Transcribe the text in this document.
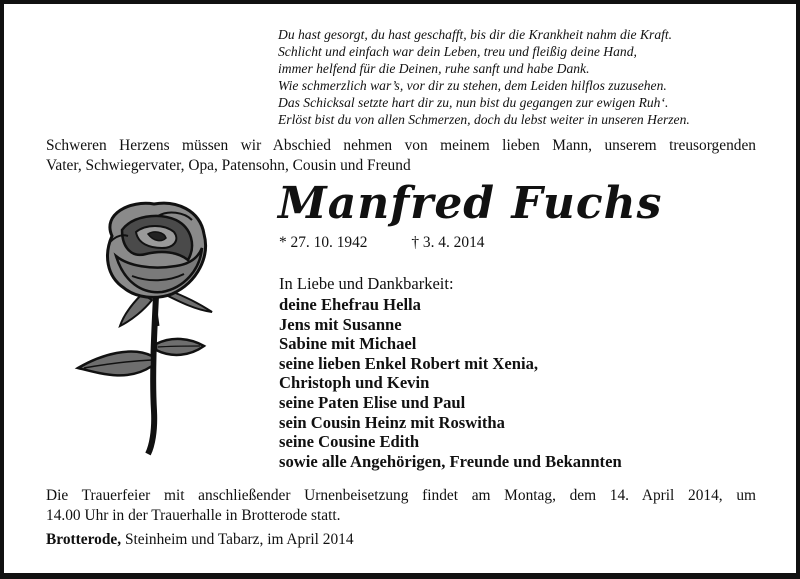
Du hast gesorgt, du hast geschafft, bis dir die Krankheit nahm die Kraft.
Schlicht und einfach war dein Leben, treu und fleißig deine Hand,
immer helfend für die Deinen, ruhe sanft und habe Dank.
Wie schmerzlich war’s, vor dir zu stehen, dem Leiden hilflos zuzusehen.
Das Schicksal setzte hart dir zu, nun bist du gegangen zur ewigen Ruh‘.
Erlöst bist du von allen Schmerzen, doch du lebst weiter in unseren Herzen.
Schweren Herzens müssen wir Abschied nehmen von meinem lieben Mann, unserem treusorgenden
Vater, Schwiegervater, Opa, Patensohn, Cousin und Freund
Manfred Fuchs
* 27. 10. 1942	† 3. 4. 2014
In Liebe und Dankbarkeit:
deine Ehefrau Hella
Jens mit Susanne
Sabine mit Michael
seine lieben Enkel Robert mit Xenia,
Christoph und Kevin
seine Paten Elise und Paul
sein Cousin Heinz mit Roswitha
seine Cousine Edith
sowie alle Angehörigen, Freunde und Bekannten
Die Trauerfeier mit anschließender Urnenbeisetzung findet am Montag, dem 14. April 2014, um
14.00 Uhr in der Trauerhalle in Brotterode statt.
Brotterode, Steinheim und Tabarz, im April 2014
